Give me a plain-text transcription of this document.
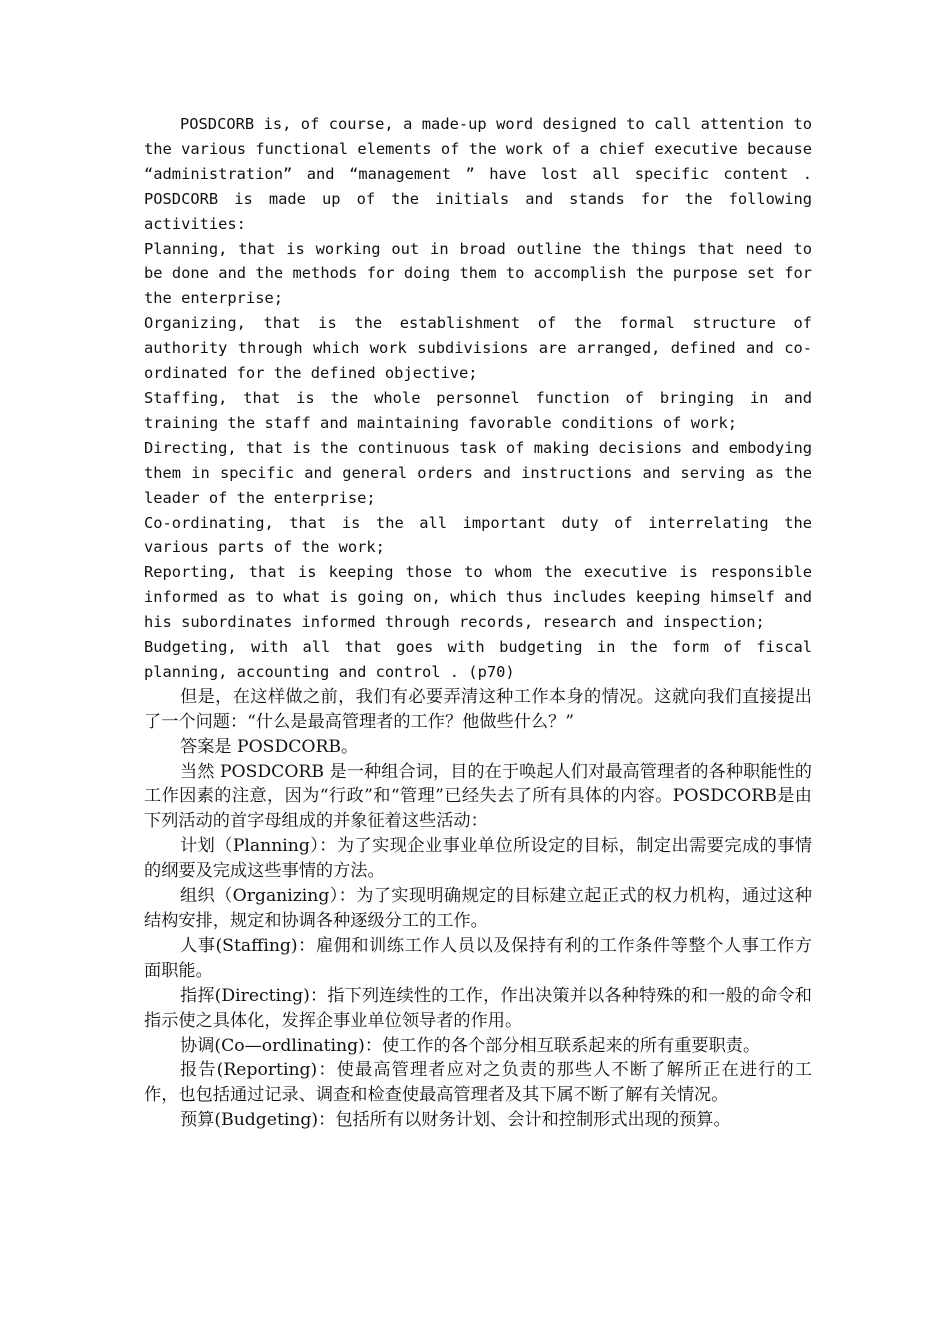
POSDCORB is, of course, a made-up word designed to call attention to the various functional elements of the work of a chief executive because “administration” and “management ” have lost all specific content . POSDCORB is made up of the initials and stands for the following activities:

Planning, that is working out in broad outline the things that need to be done and the methods for doing them to accomplish the purpose set for the enterprise;

Organizing, that is the establishment of the formal structure of authority through which work subdivisions are arranged, defined and co-ordinated for the defined objective;

Staffing, that is the whole personnel function of bringing in and training the staff and maintaining favorable conditions of work;

Directing, that is the continuous task of making decisions and embodying them in specific and general orders and instructions and serving as the leader of the enterprise;

Co-ordinating, that is the all important duty of interrelating the various parts of the work;

Reporting, that is keeping those to whom the executive is responsible informed as to what is going on, which thus includes keeping himself and his subordinates informed through records, research and inspection;

Budgeting, with all that goes with budgeting in the form of fiscal planning, accounting and control . (p70)

但是，在这样做之前，我们有必要弄清这种工作本身的情况。这就向我们直接提出了一个问题：“什么是最高管理者的工作？他做些什么？”

答案是 POSDCORB。

当然 POSDCORB 是一种组合词，目的在于唤起人们对最高管理者的各种职能性的工作因素的注意，因为“行政”和“管理”已经失去了所有具体的内容。POSDCORB是由下列活动的首字母组成的并象征着这些活动：

计划（Planning）：为了实现企业事业单位所设定的目标，制定出需要完成的事情的纲要及完成这些事情的方法。

组织（Organizing）：为了实现明确规定的目标建立起正式的权力机构，通过这种结构安排，规定和协调各种逐级分工的工作。

人事(Staffing)：雇佣和训练工作人员以及保持有利的工作条件等整个人事工作方面职能。

指挥(Directing)：指下列连续性的工作，作出决策并以各种特殊的和一般的命令和指示使之具体化，发挥企事业单位领导者的作用。

协调(Co—ordlinating)：使工作的各个部分相互联系起来的所有重要职责。

报告(Reporting)：使最高管理者应对之负责的那些人不断了解所正在进行的工作，也包括通过记录、调查和检查使最高管理者及其下属不断了解有关情况。

预算(Budgeting)：包括所有以财务计划、会计和控制形式出现的预算。
